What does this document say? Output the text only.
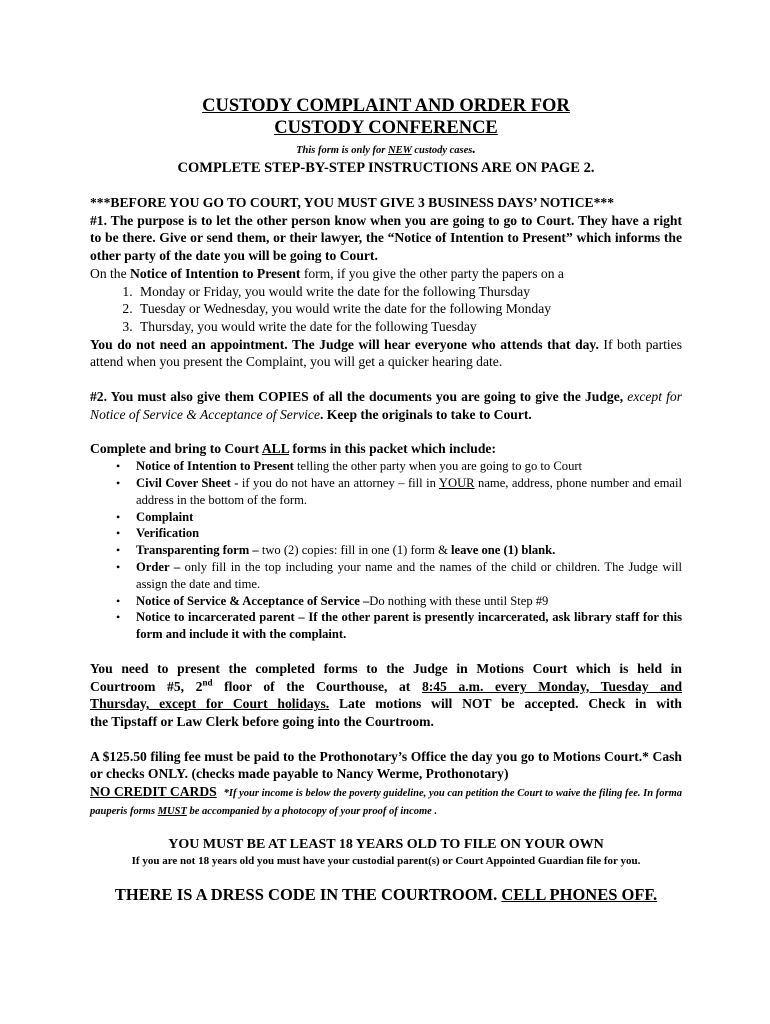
CUSTODY COMPLAINT AND ORDER FOR
CUSTODY CONFERENCE
This form is only for NEW custody cases.
COMPLETE STEP-BY-STEP INSTRUCTIONS ARE ON PAGE 2.

***BEFORE YOU GO TO COURT, YOU MUST GIVE 3 BUSINESS DAYS’ NOTICE***

#1. The purpose is to let the other person know when you are going to go to Court. They have a right to be there. Give or send them, or their lawyer, the “Notice of Intention to Present” which informs the other party of the date you will be going to Court.

On the Notice of Intention to Present form, if you give the other party the papers on a

1. Monday or Friday, you would write the date for the following Thursday
2. Tuesday or Wednesday, you would write the date for the following Monday
3. Thursday, you would write the date for the following Tuesday

You do not need an appointment. The Judge will hear everyone who attends that day. If both parties attend when you present the Complaint, you will get a quicker hearing date.

#2. You must also give them COPIES of all the documents you are going to give the Judge, except for Notice of Service & Acceptance of Service. Keep the originals to take to Court.

Complete and bring to Court ALL forms in this packet which include:

• Notice of Intention to Present telling the other party when you are going to go to Court
• Civil Cover Sheet - if you do not have an attorney – fill in YOUR name, address, phone number and email address in the bottom of the form.
• Complaint
• Verification
• Transparenting form – two (2) copies: fill in one (1) form & leave one (1) blank.
• Order – only fill in the top including your name and the names of the child or children. The Judge will assign the date and time.
• Notice of Service & Acceptance of Service –Do nothing with these until Step #9
• Notice to incarcerated parent – If the other parent is presently incarcerated, ask library staff for this form and include it with the complaint.

You need to present the completed forms to the Judge in Motions Court which is held in

Courtroom #5, 2nd floor of the Courthouse, at 8:45 a.m. every Monday, Tuesday and

Thursday, except for Court holidays. Late motions will NOT be accepted. Check in with

the Tipstaff or Law Clerk before going into the Courtroom.

A $125.50 filing fee must be paid to the Prothonotary’s Office the day you go to Motions Court.* Cash or checks ONLY. (checks made payable to Nancy Werme, Prothonotary)

NO CREDIT CARDS *If your income is below the poverty guideline, you can petition the Court to waive the filing fee. In forma pauperis forms MUST be accompanied by a photocopy of your proof of income .

YOU MUST BE AT LEAST 18 YEARS OLD TO FILE ON YOUR OWN

If you are not 18 years old you must have your custodial parent(s) or Court Appointed Guardian file for you.

THERE IS A DRESS CODE IN THE COURTROOM. CELL PHONES OFF.
